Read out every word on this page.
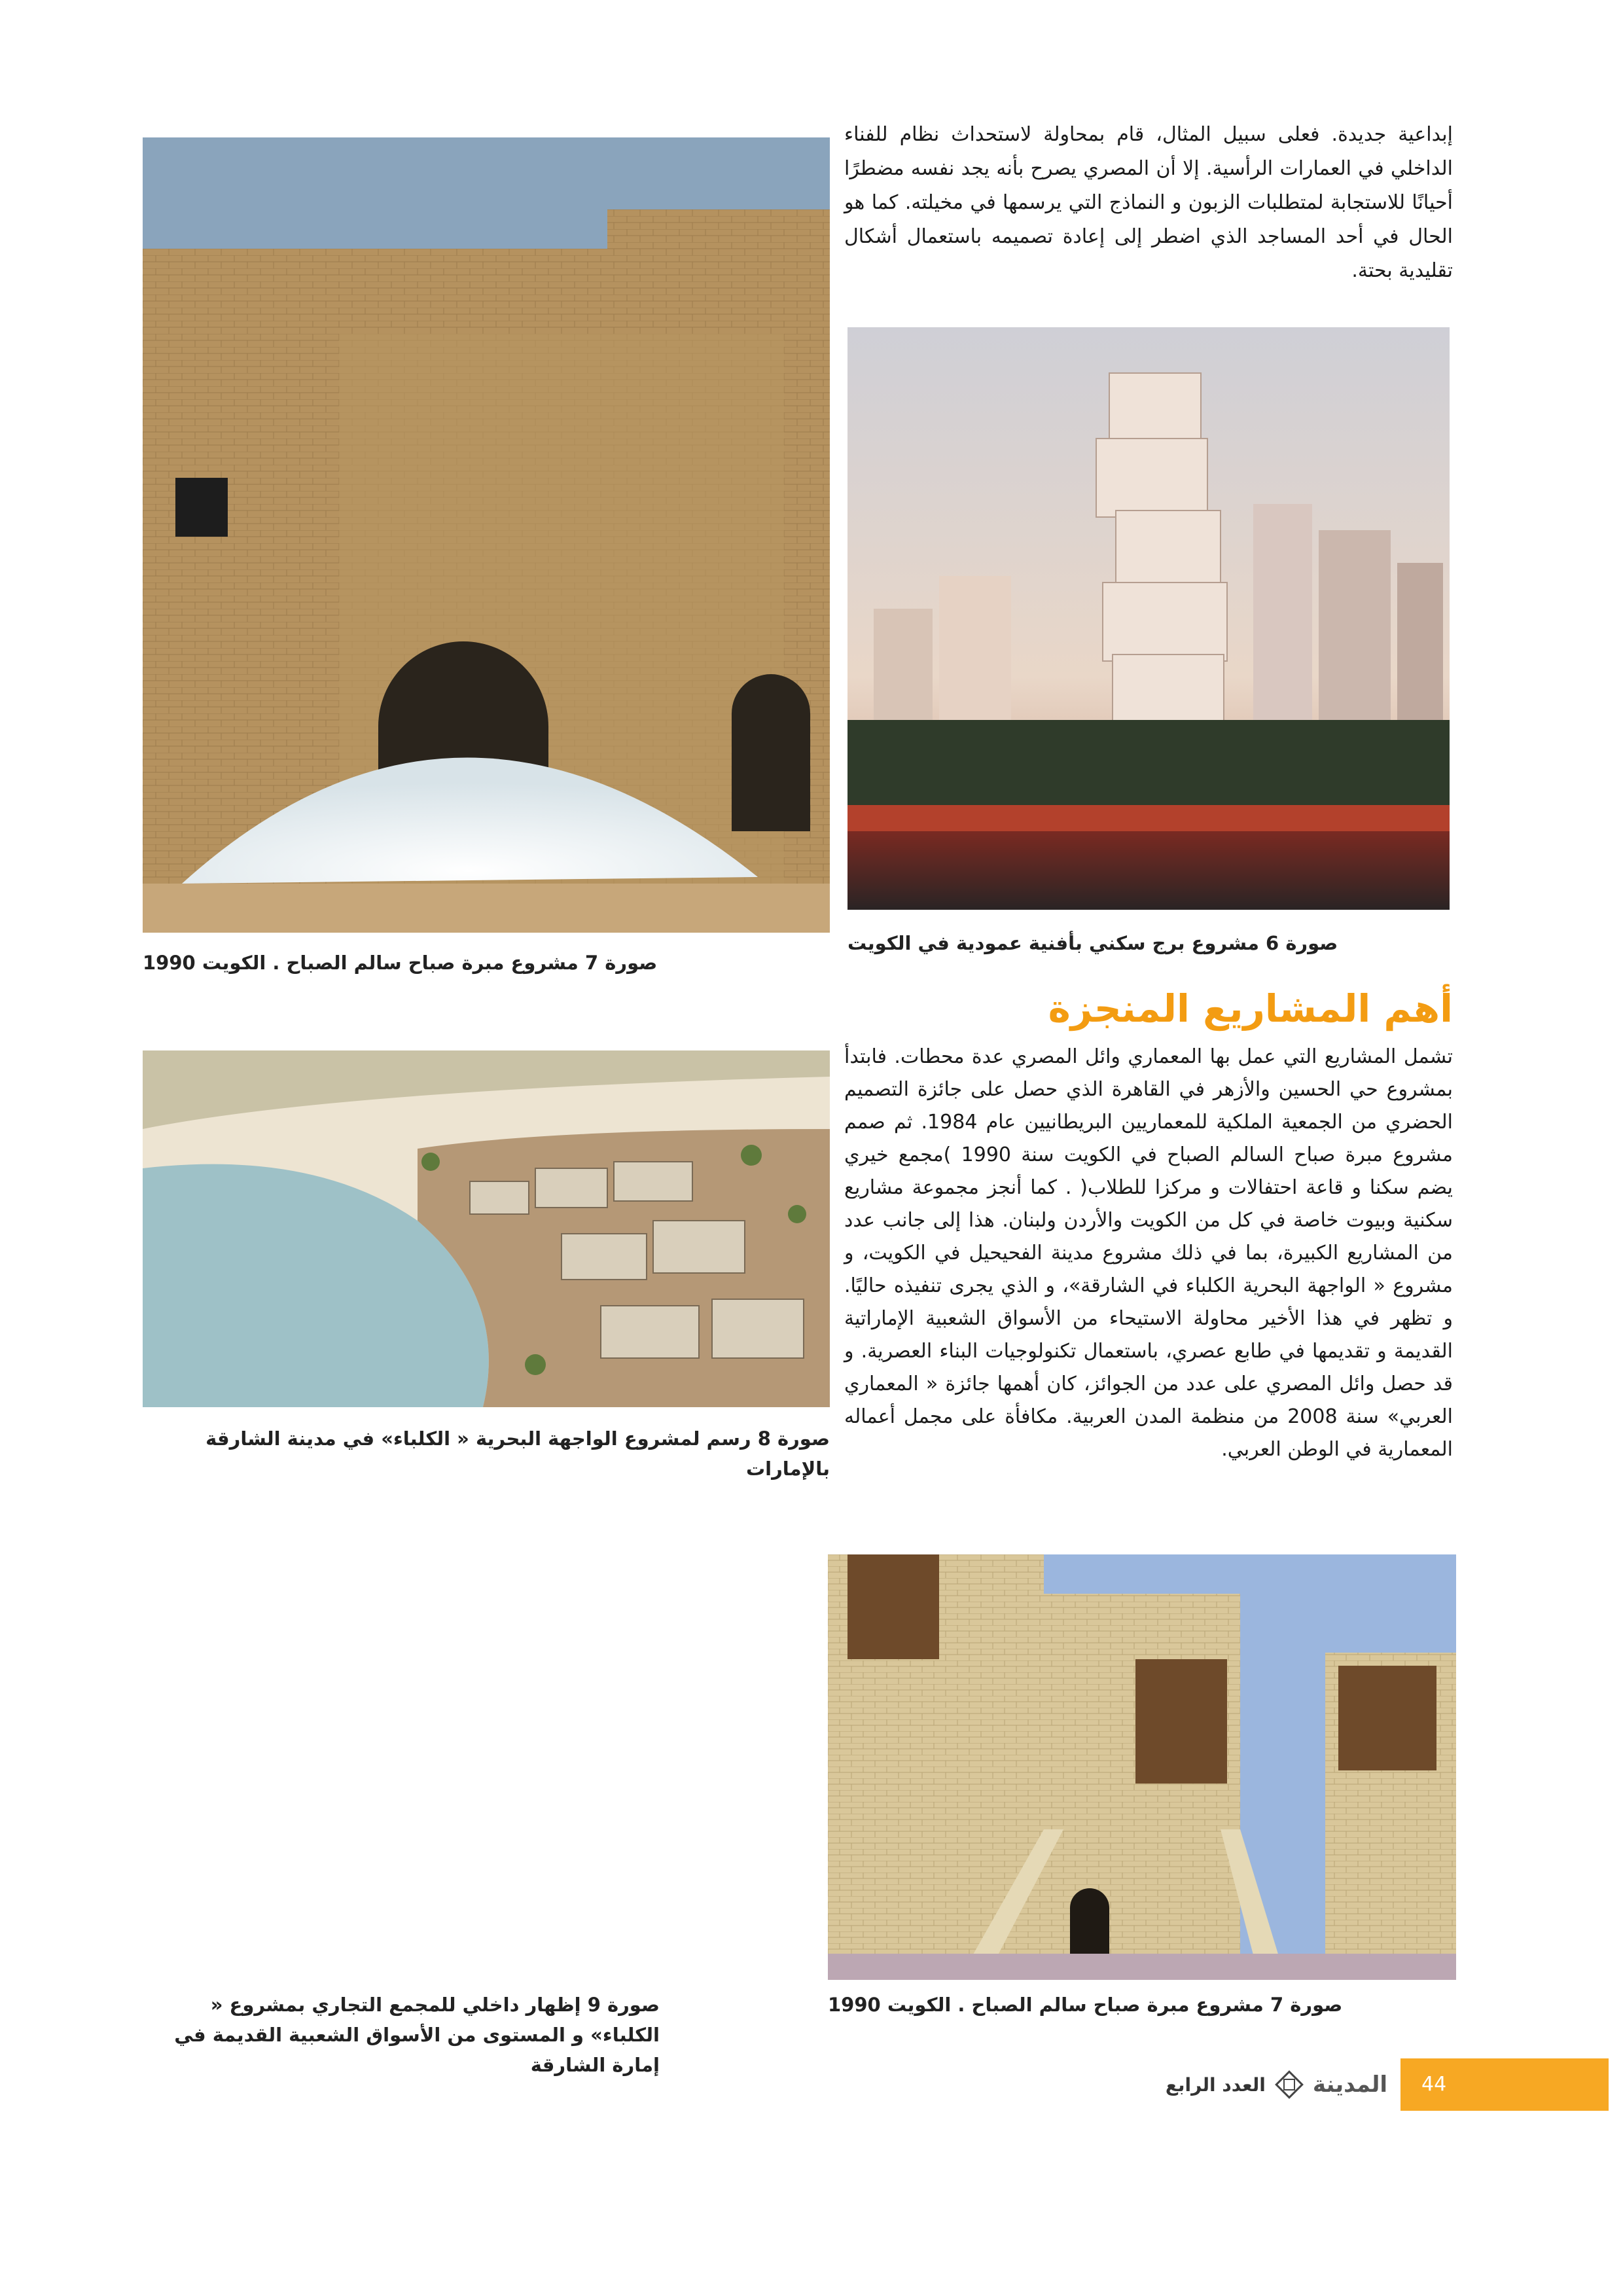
إبداعية جديدة. فعلى سبيل المثال، قام بمحاولة لاستحداث نظام للفناء الداخلي في العمارات الرأسية. إلا أن المصري يصرح بأنه يجد نفسه مضطرًا أحيانًا للاستجابة لمتطلبات الزبون و النماذج التي يرسمها في مخيلته. كما هو الحال في أحد المساجد الذي اضطر إلى إعادة تصميمه باستعمال أشكال تقليدية بحتة.

صورة 6 مشروع برج سكني بأفنية عمودية في الكويت
صورة 7 مشروع مبرة صباح سالم الصباح . الكويت 1990
أهم المشاريع المنجزة

تشمل المشاريع التي عمل بها المعماري وائل المصري عدة محطات. فابتدأ بمشروع حي الحسين والأزهر في القاهرة الذي حصل على جائزة التصميم الحضري من الجمعية الملكية للمعماريين البريطانيين عام 1984. ثم صمم مشروع مبرة صباح السالم الصباح في الكويت سنة 1990 )مجمع خيري يضم سكنا و قاعة احتفالات و مركزا للطلاب( . كما أنجز مجموعة مشاريع سكنية وبيوت خاصة في كل من الكويت والأردن ولبنان. هذا إلى جانب عدد من المشاريع الكبيرة، بما في ذلك مشروع مدينة الفحيحيل في الكويت، و مشروع « الواجهة البحرية الكلباء في الشارقة»، و الذي يجرى تنفيذه حاليًا. و تظهر في هذا الأخير محاولة الاستيحاء من الأسواق الشعبية الإماراتية القديمة و تقديمها في طابع عصري، باستعمال تكنولوجيات البناء العصرية. و قد حصل وائل المصري على عدد من الجوائز، كان أهمها جائزة « المعماري العربي» سنة 2008 من منظمة المدن العربية. مكافأة على مجمل أعماله المعمارية في الوطن العربي.

صورة 8 رسم لمشروع الواجهة البحرية « الكلباء» في مدينة الشارقة بالإمارات
صورة 7 مشروع مبرة صباح سالم الصباح . الكويت 1990
صورة 9 إظهار داخلي للمجمع التجاري بمشروع « الكلباء» و المستوى من الأسواق الشعبية القديمة في إمارة الشارقة
العدد الرابع المدينة	44
